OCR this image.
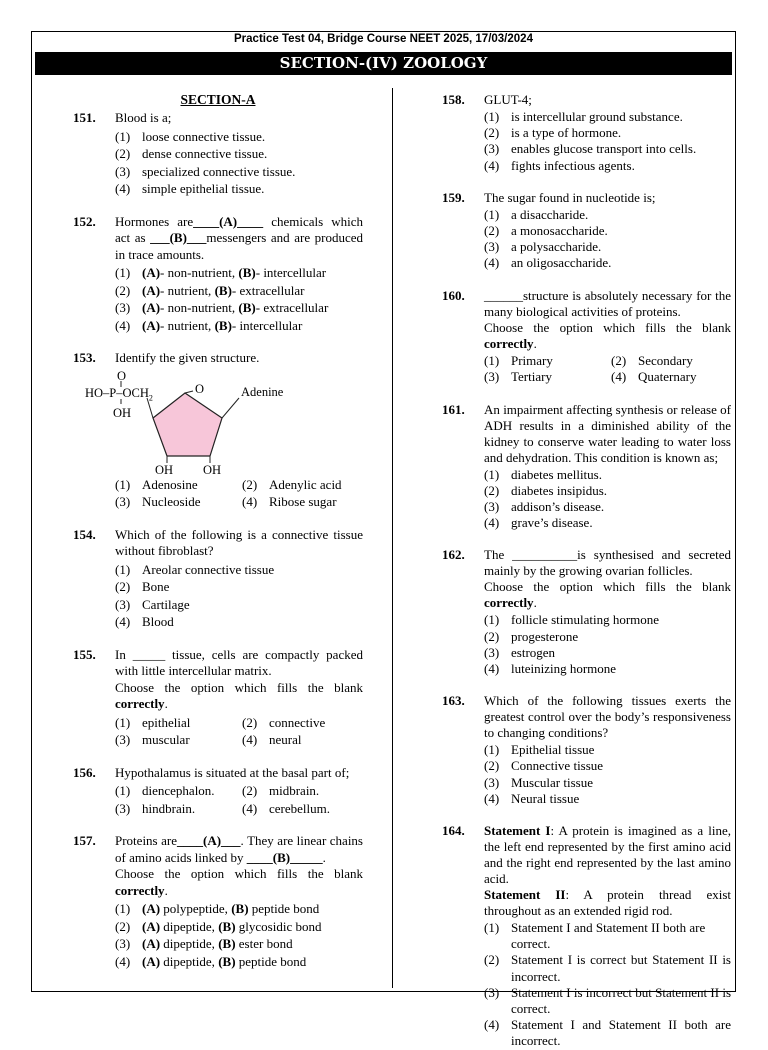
Practice Test 04, Bridge Course NEET 2025, 17/03/2024
SECTION-(IV) ZOOLOGY
SECTION-A
151. Blood is a;
(1) loose connective tissue.
(2) dense connective tissue.
(3) specialized connective tissue.
(4) simple epithelial tissue.
152. Hormones are____(A)____ chemicals which act as ___(B)___messengers and are produced in trace amounts.
(1) (A)- non-nutrient, (B)- intercellular
(2) (A)- nutrient, (B)- extracellular
(3) (A)- non-nutrient, (B)- extracellular
(4) (A)- nutrient, (B)- intercellular
153. Identify the given structure.
O
$HO-P-OCH_2$
OH
O	Adenine
OH OH
(1) Adenosine	(2) Adenylic acid
(3) Nucleoside	(4) Ribose sugar
154. Which of the following is a connective tissue without fibroblast?
(1) Areolar connective tissue
(2) Bone
(3) Cartilage
(4) Blood
155. In _____ tissue, cells are compactly packed with little intercellular matrix.
Choose the option which fills the blank correctly.
(1) epithelial	(2) connective
(3) muscular	(4) neural
156. Hypothalamus is situated at the basal part of;
(1) diencephalon.	(2) midbrain.
(3) hindbrain.	(4) cerebellum.
157. Proteins are____(A)___. They are linear chains of amino acids linked by ____(B)_____.
Choose the option which fills the blank correctly.
(1) (A) polypeptide, (B) peptide bond
(2) (A) dipeptide, (B) glycosidic bond
(3) (A) dipeptide, (B) ester bond
(4) (A) dipeptide, (B) peptide bond
158. GLUT-4;
(1) is intercellular ground substance.
(2) is a type of hormone.
(3) enables glucose transport into cells.
(4) fights infectious agents.
159. The sugar found in nucleotide is;
(1) a disaccharide.
(2) a monosaccharide.
(3) a polysaccharide.
(4) an oligosaccharide.
160. ______structure is absolutely necessary for the many biological activities of proteins.
Choose the option which fills the blank correctly.
(1) Primary	(2) Secondary
(3) Tertiary	(4) Quaternary
161. An impairment affecting synthesis or release of ADH results in a diminished ability of the kidney to conserve water leading to water loss and dehydration. This condition is known as;
(1) diabetes mellitus.
(2) diabetes insipidus.
(3) addison’s disease.
(4) grave’s disease.
162. The __________is synthesised and secreted mainly by the growing ovarian follicles.
Choose the option which fills the blank correctly.
(1) follicle stimulating hormone
(2) progesterone
(3) estrogen
(4) luteinizing hormone
163. Which of the following tissues exerts the greatest control over the body’s responsiveness to changing conditions?
(1) Epithelial tissue
(2) Connective tissue
(3) Muscular tissue
(4) Neural tissue
164. Statement I: A protein is imagined as a line, the left end represented by the first amino acid and the right end represented by the last amino acid.
Statement II: A protein thread exist throughout as an extended rigid rod.
(1) Statement I and Statement II both are correct.
(2) Statement I is correct but Statement II is incorrect.
(3) Statement I is incorrect but Statement II is correct.
(4) Statement I and Statement II both are incorrect.
